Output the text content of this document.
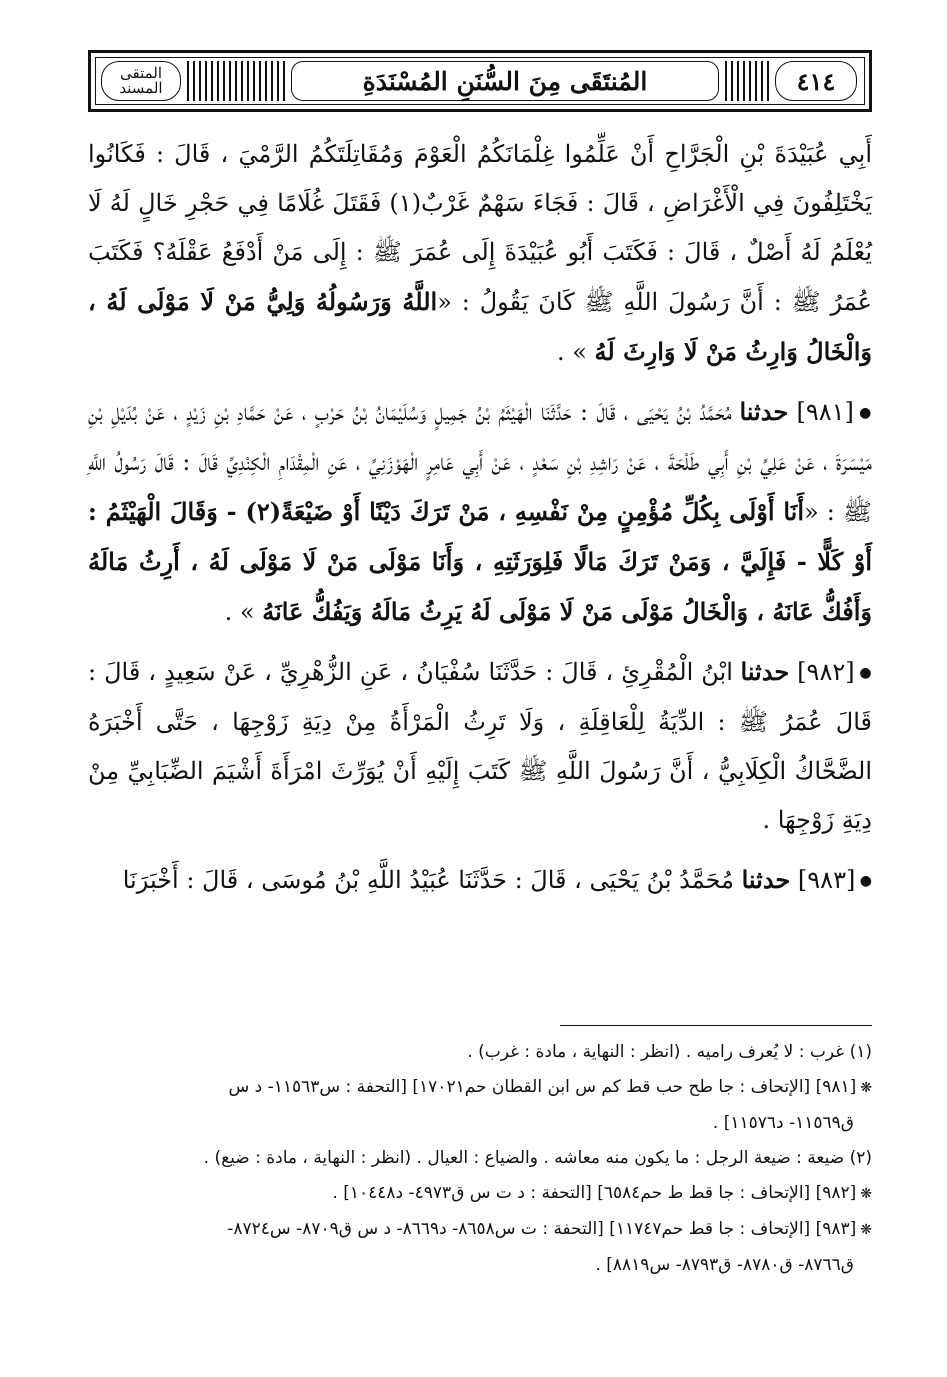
المتقى المسند	المُنتَقَى مِنَ السُّنَنِ المُسْنَدَةِ	٤١٤

أَبِي عُبَيْدَةَ بْنِ الْجَرَّاحِ أَنْ عَلِّمُوا غِلْمَانَكُمُ الْعَوْمَ وَمُقَاتِلَتَكُمُ الرَّمْيَ ، قَالَ : فَكَانُوا يَخْتَلِفُونَ فِي الْأَغْرَاضِ ، قَالَ : فَجَاءَ سَهْمٌ غَرْبٌ(١) فَقَتَلَ غُلَامًا فِي حَجْرِ خَالٍ لَهُ لَا يُعْلَمُ لَهُ أَصْلٌ ، قَالَ : فَكَتَبَ أَبُو عُبَيْدَةَ إِلَى عُمَرَ ﷺ : إِلَى مَنْ أَدْفَعُ عَقْلَهُ؟ فَكَتَبَ عُمَرُ ﷺ : أَنَّ رَسُولَ اللَّهِ ﷺ كَانَ يَقُولُ : «اللَّهُ وَرَسُولُهُ وَلِيُّ مَنْ لَا مَوْلَى لَهُ ، وَالْخَالُ وَارِثُ مَنْ لَا وَارِثَ لَهُ » .

● [٩٨١] حدثنا مُحَمَّدُ بْنُ يَحْيَى ، قَالَ : حَدَّثَنَا الْهَيْثَمُ بْنُ جَمِيلٍ وَسُلَيْمَانُ بْنُ حَرْبٍ ، عَنْ حَمَّادِ بْنِ زَيْدٍ ، عَنْ بُدَيْلِ بْنِ مَيْسَرَةَ ، عَنْ عَلِيِّ بْنِ أَبِي طَلْحَةَ ، عَنْ رَاشِدِ بْنِ سَعْدٍ ، عَنْ أَبِي عَامِرٍ الْهَوْزَنِيِّ ، عَنِ الْمِقْدَامِ الْكِنْدِيِّ قَالَ : قَالَ رَسُولُ اللَّهِ ﷺ : «أَنَا أَوْلَى بِكُلِّ مُؤْمِنٍ مِنْ نَفْسِهِ ، مَنْ تَرَكَ دَيْنًا أَوْ ضَيْعَةً(٢) - وَقَالَ الْهَيْثَمُ : أَوْ كَلًّا - فَإِلَيَّ ، وَمَنْ تَرَكَ مَالًا فَلِوَرَثَتِهِ ، وَأَنَا مَوْلَى مَنْ لَا مَوْلَى لَهُ ، أَرِثُ مَالَهُ وَأَفُكُّ عَانَهُ ، وَالْخَالُ مَوْلَى مَنْ لَا مَوْلَى لَهُ يَرِثُ مَالَهُ وَيَفُكُّ عَانَهُ » .

● [٩٨٢] حدثنا ابْنُ الْمُقْرِئِ ، قَالَ : حَدَّثَنَا سُفْيَانُ ، عَنِ الزُّهْرِيِّ ، عَنْ سَعِيدٍ ، قَالَ : قَالَ عُمَرُ ﷺ : الدِّيَةُ لِلْعَاقِلَةِ ، وَلَا تَرِثُ الْمَرْأَةُ مِنْ دِيَةِ زَوْجِهَا ، حَتَّى أَخْبَرَهُ الضَّحَّاكُ الْكِلَابِيُّ ، أَنَّ رَسُولَ اللَّهِ ﷺ كَتَبَ إِلَيْهِ أَنْ يُوَرِّثَ امْرَأَةَ أَشْيَمَ الضِّبَابِيِّ مِنْ دِيَةِ زَوْجِهَا .

● [٩٨٣] حدثنا مُحَمَّدُ بْنُ يَحْيَى ، قَالَ : حَدَّثَنَا عُبَيْدُ اللَّهِ بْنُ مُوسَى ، قَالَ : أَخْبَرَنَا

(١) غرب : لا يُعرف راميه . (انظر : النهاية ، مادة : غرب) .

❋ [٩٨١] [الإتحاف : جا طح حب قط كم س ابن القطان حم١٧٠٢١] [التحفة : س١١٥٦٣- د س

ق١١٥٦٩- د١١٥٧٦] .

(٢) ضيعة : ضيعة الرجل : ما يكون منه معاشه . والضياع : العيال . (انظر : النهاية ، مادة : ضيع) .

❋ [٩٨٢] [الإتحاف : جا قط ط حم٦٥٨٤] [التحفة : د ت س ق٤٩٧٣- د١٠٤٤٨] .

❋ [٩٨٣] [الإتحاف : جا قط حم١١٧٤٧] [التحفة : ت س٨٦٥٨- د٨٦٦٩- د س ق٨٧٠٩- س٨٧٢٤-

ق٨٧٦٦- ق٨٧٨٠- ق٨٧٩٣- س٨٨١٩] .
